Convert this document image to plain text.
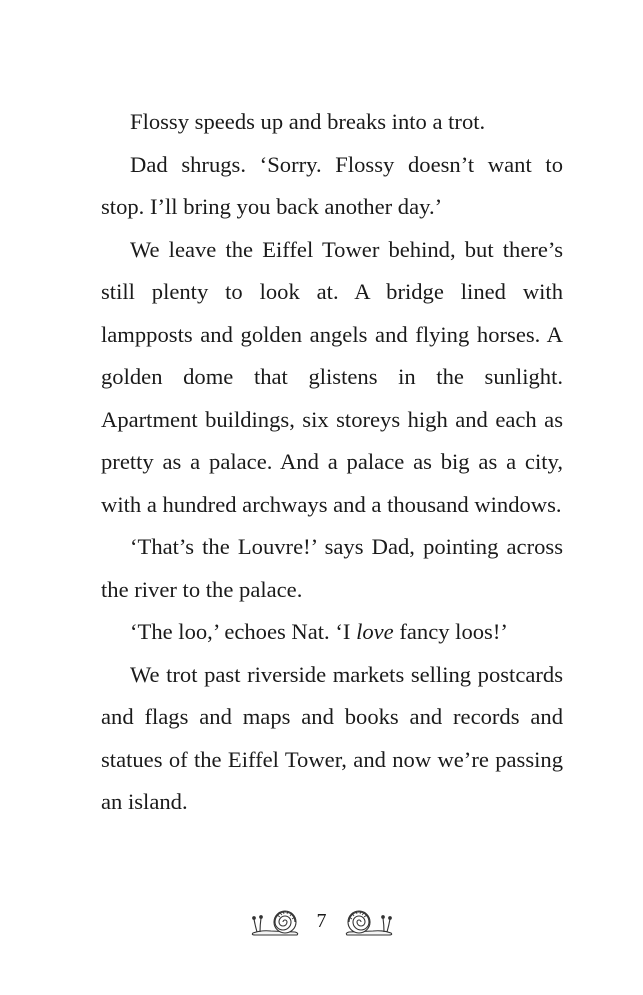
Flossy speeds up and breaks into a trot.

Dad shrugs. ‘Sorry. Flossy doesn’t want to stop. I’ll bring you back another day.’

We leave the Eiffel Tower behind, but there’s still plenty to look at. A bridge lined with lampposts and golden angels and flying horses. A golden dome that glistens in the sunlight. Apartment buildings, six storeys high and each as pretty as a palace. And a palace as big as a city, with a hundred archways and a thousand windows.

‘That’s the Louvre!’ says Dad, pointing across the river to the palace.

‘The loo,’ echoes Nat. ‘I love fancy loos!’

We trot past riverside markets selling postcards and flags and maps and books and records and statues of the Eiffel Tower, and now we’re passing an island.

7
